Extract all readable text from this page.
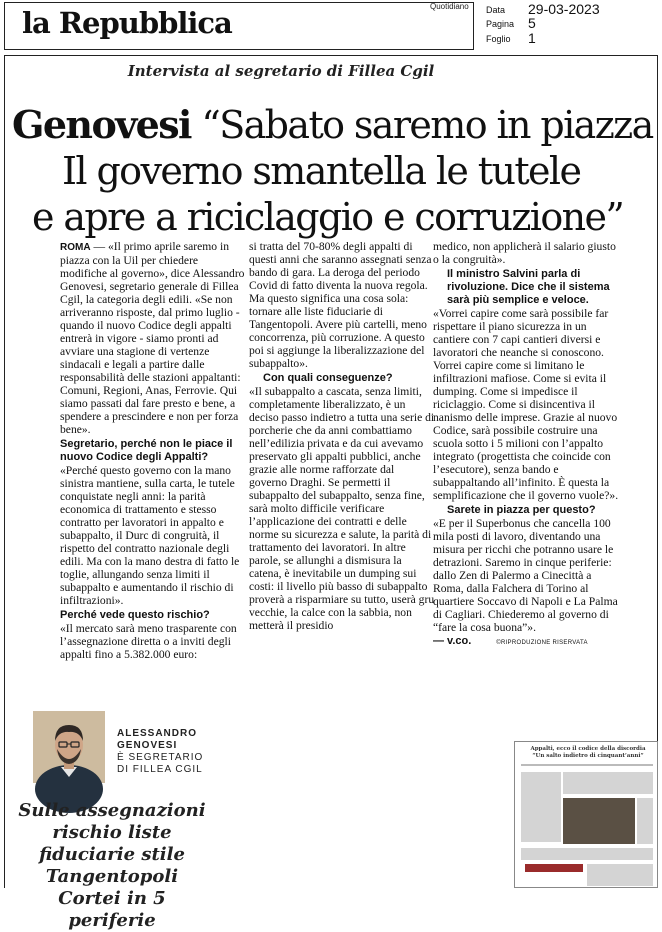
la Repubblica	Quotidiano Data	29-03-2023
Pagina 5
Foglio	1
Intervista al segretario di Fillea Cgil
Genovesi “Sabato saremo in piazza
Il governo smantella le tutele
e apre a riciclaggio e corruzione”

ROMA — «Il primo aprile saremo in piazza con la Uil per chiedere modifiche al governo», dice Alessandro Genovesi, segretario generale di Fillea Cgil, la categoria degli edili. «Se non arriveranno risposte, dal primo luglio - quando il nuovo Codice degli appalti entrerà in vigore - siamo pronti ad avviare una stagione di vertenze sindacali e legali a partire dalle responsabilità delle stazioni appaltanti: Comuni, Regioni, Anas, Ferrovie. Qui siamo passati dal fare presto e bene, a spendere a prescindere e non per forza bene».

Segretario, perché non le piace il nuovo Codice degli Appalti?

«Perché questo governo con la mano sinistra mantiene, sulla carta, le tutele conquistate negli anni: la parità economica di trattamento e stesso contratto per lavoratori in appalto e subappalto, il Durc di congruità, il rispetto del contratto nazionale degli edili. Ma con la mano destra di fatto le toglie, allungando senza limiti il subappalto e aumentando il rischio di infiltrazioni».

Perché vede questo rischio?

«Il mercato sarà meno trasparente con l’assegnazione diretta o a inviti degli appalti fino a 5.382.000 euro:

si tratta del 70-80% degli appalti di questi anni che saranno assegnati senza bando di gara. La deroga del periodo Covid di fatto diventa la nuova regola. Ma questo significa una cosa sola: tornare alle liste fiduciarie di Tangentopoli. Avere più cartelli, meno concorrenza, più corruzione. A questo poi si aggiunge la liberalizzazione del subappalto».

Con quali conseguenze?

«Il subappalto a cascata, senza limiti, completamente liberalizzato, è un deciso passo indietro a tutta una serie di porcherie che da anni combattiamo nell’edilizia privata e da cui avevamo preservato gli appalti pubblici, anche grazie alle norme rafforzate dal governo Draghi. Se permetti il subappalto del subappalto, senza fine, sarà molto difficile verificare l’applicazione dei contratti e delle norme su sicurezza e salute, la parità di trattamento dei lavoratori. In altre parole, se allunghi a dismisura la catena, è inevitabile un dumping sui costi: il livello più basso di subappalto proverà a risparmiare su tutto, userà gru vecchie, la calce con la sabbia, non metterà il presidio

medico, non applicherà il salario giusto o la congruità».

Il ministro Salvini parla di rivoluzione. Dice che il sistema sarà più semplice e veloce.

«Vorrei capire come sarà possibile far rispettare il piano sicurezza in un cantiere con 7 capi cantieri diversi e lavoratori che neanche si conoscono. Vorrei capire come si limitano le infiltrazioni mafiose. Come si evita il dumping. Come si impedisce il riciclaggio. Come si disincentiva il nanismo delle imprese. Grazie al nuovo Codice, sarà possibile costruire una scuola sotto i 5 milioni con l’appalto integrato (progettista che coincide con l’esecutore), senza bando e subappaltando all’infinito. È questa la semplificazione che il governo vuole?».

Sarete in piazza per questo?

«E per il Superbonus che cancella 100 mila posti di lavoro, diventando una misura per ricchi che potranno usare le detrazioni. Saremo in cinque periferie: dallo Zen di Palermo a Cinecittà a Roma, dalla Falchera di Torino al quartiere Soccavo di Napoli e La Palma di Cagliari. Chiederemo al governo di “fare la cosa buona”».

— v.co.	©RIPRODUZIONE RISERVATA

ALESSANDRO
GENOVESI
È SEGRETARIO
DI FILLEA CGIL
Sulle assegnazioni rischio liste fiduciarie stile Tangentopoli Cortei in 5 periferie
Appalti, ecco il codice della discordia “Un salto indietro di cinquant’anni”
